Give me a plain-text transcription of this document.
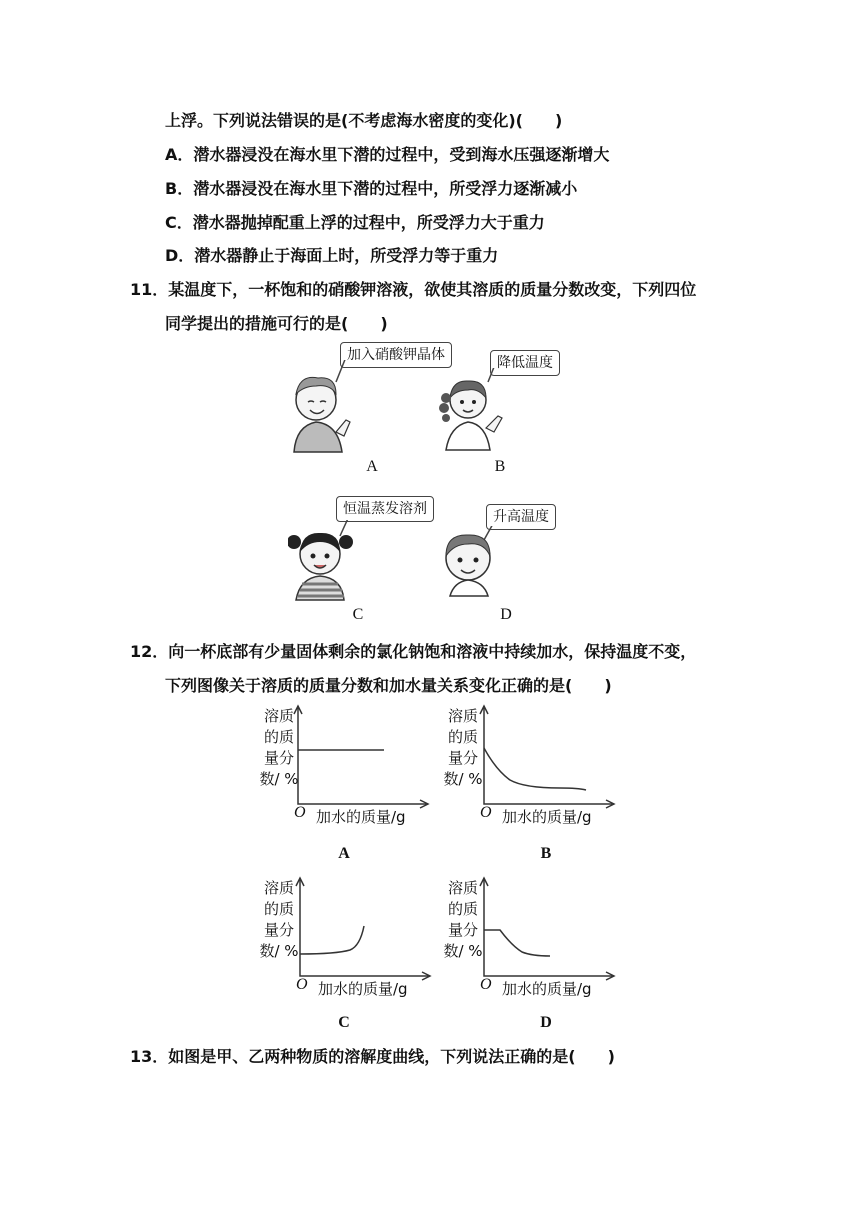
上浮。下列说法错误的是(不考虑海水密度的变化)(　　)
A．潜水器浸没在海水里下潜的过程中，受到海水压强逐渐增大
B．潜水器浸没在海水里下潜的过程中，所受浮力逐渐减小
C．潜水器抛掉配重上浮的过程中，所受浮力大于重力
D．潜水器静止于海面上时，所受浮力等于重力
11．某温度下，一杯饱和的硝酸钾溶液，欲使其溶质的质量分数改变，下列四位
同学提出的措施可行的是(　　)
加入硝酸钾晶体
A
降低温度
B
恒温蒸发溶剂
C
升高温度
D
12．向一杯底部有少量固体剩余的氯化钠饱和溶液中持续加水，保持温度不变，
下列图像关于溶质的质量分数和加水量关系变化正确的是(　　)
溶质
的质
量分
数/ %
O 加水的质量/g
A
溶质
的质
量分
数/ %
O 加水的质量/g
B
溶质
的质
量分
数/ %
O 加水的质量/g
C
溶质
的质
量分
数/ %
O 加水的质量/g
D
13．如图是甲、乙两种物质的溶解度曲线，下列说法正确的是(　　)
